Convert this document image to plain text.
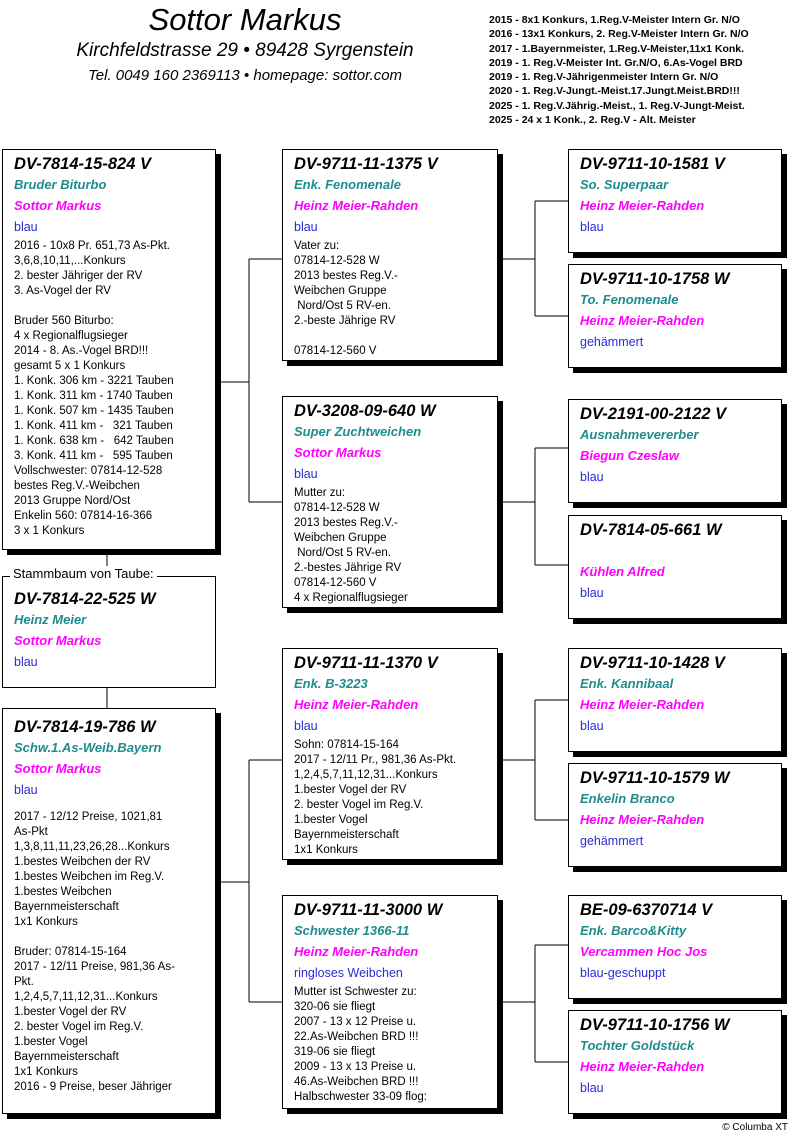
Sottor Markus
Kirchfeldstrasse 29 • 89428 Syrgenstein
Tel. 0049 160 2369113 • homepage: sottor.com
2015 - 8x1 Konkurs, 1.Reg.V-Meister Intern Gr. N/O
2016 - 13x1 Konkurs, 2. Reg.V-Meister Intern Gr. N/O
2017 - 1.Bayernmeister, 1.Reg.V-Meister,11x1 Konk.
2019 - 1. Reg.V-Meister Int. Gr.N/O, 6.As-Vogel BRD
2019 - 1. Reg.V-Jährigenmeister Intern Gr. N/O
2020 - 1. Reg.V-Jungt.-Meist.17.Jungt.Meist.BRD!!!
2025 - 1. Reg.V.Jährig.-Meist., 1. Reg.V-Jungt-Meist.
2025 - 24 x 1 Konk., 2. Reg.V - Alt. Meister
DV-7814-15-824 V
Bruder Biturbo
Sottor Markus
blau
2016 - 10x8 Pr. 651,73 As-Pkt.
3,6,8,10,11,...Konkurs
2. bester Jähriger der RV
3. As-Vogel der RV

Bruder 560 Biturbo:
4 x Regionalflugsieger
2014 - 8. As.-Vogel BRD!!!
gesamt 5 x 1 Konkurs
1. Konk. 306 km - 3221 Tauben
1. Konk. 311 km - 1740 Tauben
1. Konk. 507 km - 1435 Tauben
1. Konk. 411 km -   321 Tauben
1. Konk. 638 km -   642 Tauben
3. Konk. 411 km -   595 Tauben
Vollschwester: 07814-12-528
bestes Reg.V.-Weibchen
2013 Gruppe Nord/Ost
Enkelin 560: 07814-16-366
3 x 1 Konkurs
DV-7814-22-525 W
Heinz Meier
Sottor Markus
blau
Stammbaum von Taube:
DV-7814-19-786 W
Schw.1.As-Weib.Bayern
Sottor Markus
blau
2017 - 12/12 Preise, 1021,81
As-Pkt
1,3,8,11,11,23,26,28...Konkurs
1.bestes Weibchen der RV
1.bestes Weibchen im Reg.V.
1.bestes Weibchen
Bayernmeisterschaft
1x1 Konkurs

Bruder: 07814-15-164
2017 - 12/11 Preise, 981,36 As-
Pkt.
1,2,4,5,7,11,12,31...Konkurs
1.bester Vogel der RV
2. bester Vogel im Reg.V.
1.bester Vogel
Bayernmeisterschaft
1x1 Konkurs
2016 - 9 Preise, beser Jähriger
DV-9711-11-1375 V
Enk. Fenomenale
Heinz Meier-Rahden
blau
Vater zu:
07814-12-528 W
2013 bestes Reg.V.-
Weibchen Gruppe
Nord/Ost 5 RV-en.
2.-beste Jährige RV

07814-12-560 V
DV-3208-09-640 W
Super Zuchtweichen
Sottor Markus
blau
Mutter zu:
07814-12-528 W
2013 bestes Reg.V.-
Weibchen Gruppe
Nord/Ost 5 RV-en.
2.-bestes Jährige RV
07814-12-560 V
4 x Regionalflugsieger
DV-9711-11-1370 V
Enk. B-3223
Heinz Meier-Rahden
blau
Sohn: 07814-15-164
2017 - 12/11 Pr., 981,36 As-Pkt.
1,2,4,5,7,11,12,31...Konkurs
1.bester Vogel der RV
2. bester Vogel im Reg.V.
1.bester Vogel
Bayernmeisterschaft
1x1 Konkurs
DV-9711-11-3000 W
Schwester 1366-11
Heinz Meier-Rahden
ringloses Weibchen
Mutter ist Schwester zu:
320-06 sie fliegt
2007 - 13 x 12 Preise u.
22.As-Weibchen BRD !!!
319-06 sie fliegt
2009 - 13 x 13 Preise u.
46.As-Weibchen BRD !!!
Halbschwester 33-09 flog:
DV-9711-10-1581 V
So. Superpaar
Heinz Meier-Rahden
blau
DV-9711-10-1758 W
To. Fenomenale
Heinz Meier-Rahden
gehämmert
DV-2191-00-2122 V
Ausnahmevererber
Biegun Czeslaw
blau
DV-7814-05-661 W
Kühlen Alfred
blau
DV-9711-10-1428 V
Enk. Kannibaal
Heinz Meier-Rahden
blau
DV-9711-10-1579 W
Enkelin Branco
Heinz Meier-Rahden
gehämmert
BE-09-6370714 V
Enk. Barco&Kitty
Vercammen Hoc Jos
blau-geschuppt
DV-9711-10-1756 W
Tochter Goldstück
Heinz Meier-Rahden
blau
© Columba XT
